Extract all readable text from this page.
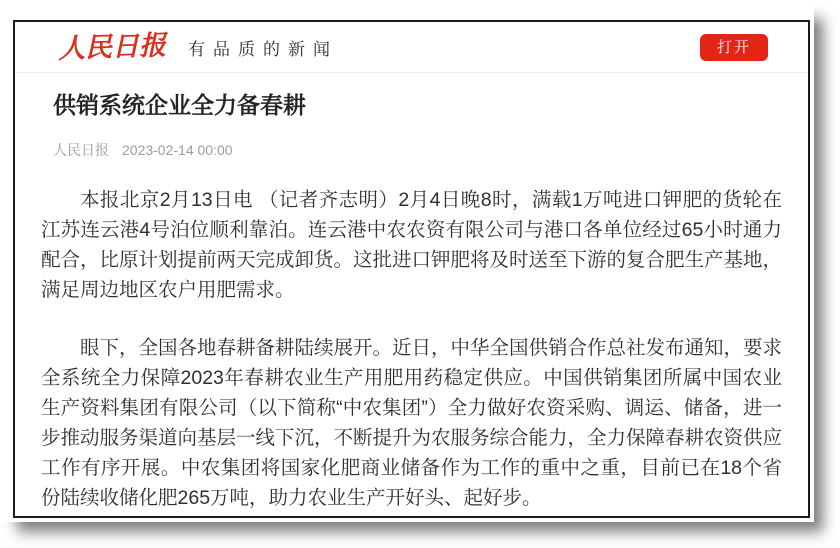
人民日报 有品质的新闻	打开
供销系统企业全力备春耕
人民日报 2023-02-14 00:00

本报北京2月13日电 （记者齐志明）2月4日晚8时，满载1万吨进口钾肥的货轮在江苏连云港4号泊位顺利靠泊。连云港中农农资有限公司与港口各单位经过65小时通力配合，比原计划提前两天完成卸货。这批进口钾肥将及时送至下游的复合肥生产基地，满足周边地区农户用肥需求。

眼下，全国各地春耕备耕陆续展开。近日，中华全国供销合作总社发布通知，要求全系统全力保障2023年春耕农业生产用肥用药稳定供应。中国供销集团所属中国农业生产资料集团有限公司（以下简称“中农集团”）全力做好农资采购、调运、储备，进一步推动服务渠道向基层一线下沉，不断提升为农服务综合能力，全力保障春耕农资供应工作有序开展。中农集团将国家化肥商业储备作为工作的重中之重，目前已在18个省份陆续收储化肥265万吨，助力农业生产开好头、起好步。
